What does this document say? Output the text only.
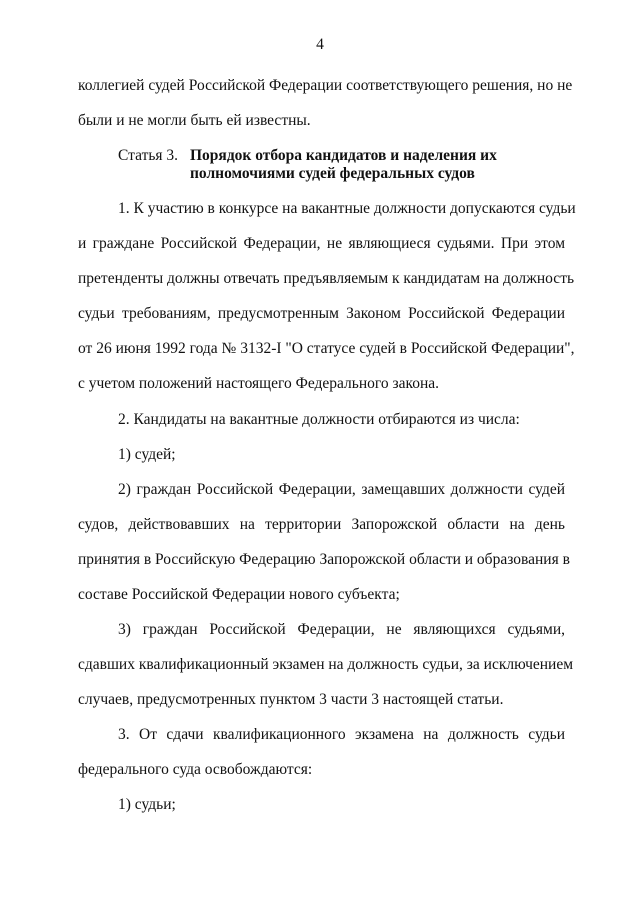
4
коллегией судей Российской Федерации соответствующего решения, но не
были и не могли быть ей известны.
Статья 3. Порядок отбора кандидатов и наделения их
полномочиями судей федеральных судов
1. К участию в конкурсе на вакантные должности допускаются судьи
и граждане Российской Федерации, не являющиеся судьями. При этом
претенденты должны отвечать предъявляемым к кандидатам на должность
судьи требованиям, предусмотренным Законом Российской Федерации
от 26 июня 1992 года № 3132-I "О статусе судей в Российской Федерации",
с учетом положений настоящего Федерального закона.
2. Кандидаты на вакантные должности отбираются из числа:
1) судей;
2) граждан Российской Федерации, замещавших должности судей
судов, действовавших на территории Запорожской области на день
принятия в Российскую Федерацию Запорожской области и образования в
составе Российской Федерации нового субъекта;
3) граждан Российской Федерации, не являющихся судьями,
сдавших квалификационный экзамен на должность судьи, за исключением
случаев, предусмотренных пунктом 3 части 3 настоящей статьи.
3. От сдачи квалификационного экзамена на должность судьи
федерального суда освобождаются:
1) судьи;
